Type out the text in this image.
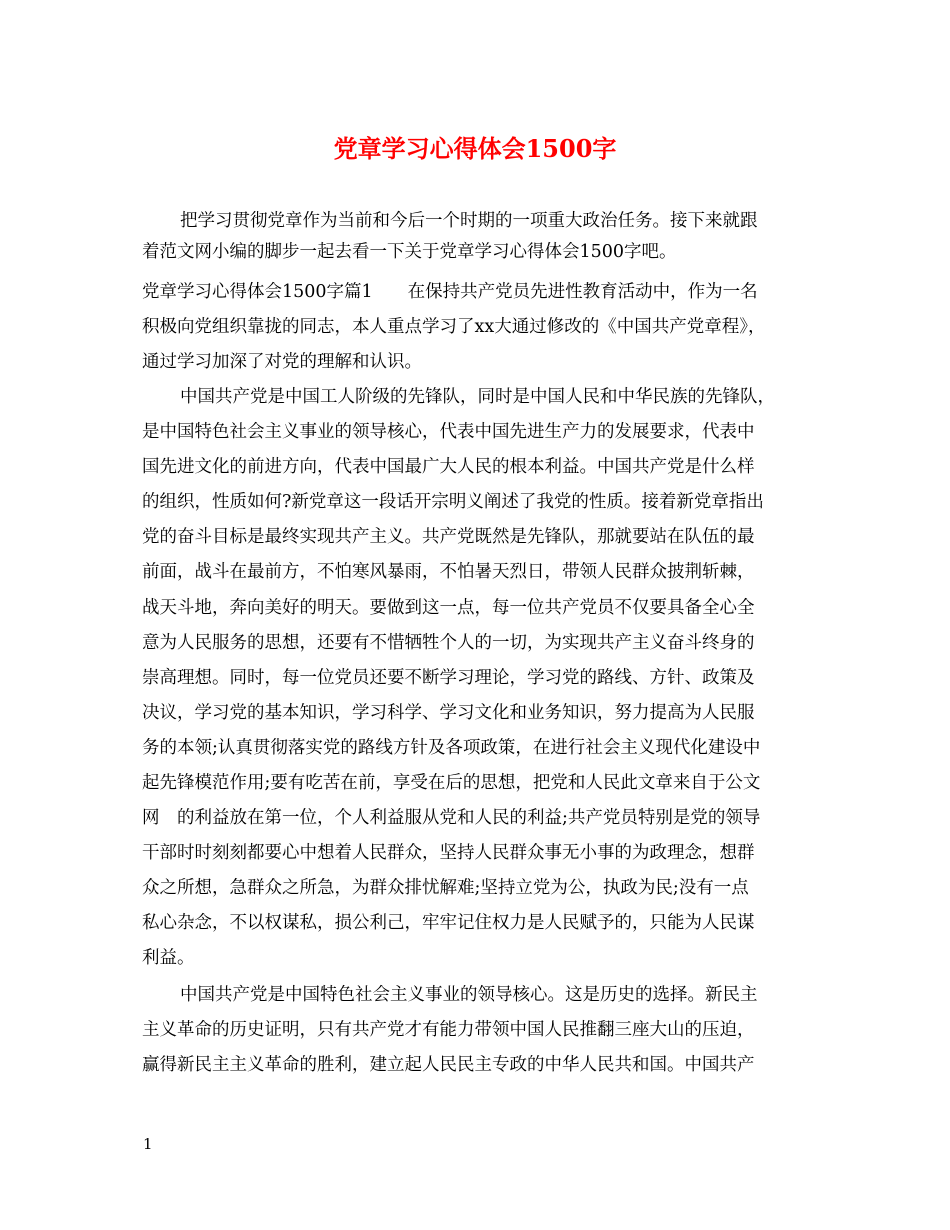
党章学习心得体会1500字

把学习贯彻党章作为当前和今后一个时期的一项重大政治任务。接下来就跟

着范文网小编的脚步一起去看一下关于党章学习心得体会1500字吧。

党章学习心得体会1500字篇1　　在保持共产党员先进性教育活动中，作为一名

积极向党组织靠拢的同志，本人重点学习了xx大通过修改的《中国共产党章程》，

通过学习加深了对党的理解和认识。

中国共产党是中国工人阶级的先锋队，同时是中国人民和中华民族的先锋队，

是中国特色社会主义事业的领导核心，代表中国先进生产力的发展要求，代表中

国先进文化的前进方向，代表中国最广大人民的根本利益。中国共产党是什么样

的组织，性质如何?新党章这一段话开宗明义阐述了我党的性质。接着新党章指出

党的奋斗目标是最终实现共产主义。共产党既然是先锋队，那就要站在队伍的最

前面，战斗在最前方，不怕寒风暴雨，不怕暑天烈日，带领人民群众披荆斩棘，

战天斗地，奔向美好的明天。要做到这一点，每一位共产党员不仅要具备全心全

意为人民服务的思想，还要有不惜牺牲个人的一切，为实现共产主义奋斗终身的

崇高理想。同时，每一位党员还要不断学习理论，学习党的路线、方针、政策及

决议，学习党的基本知识，学习科学、学习文化和业务知识，努力提高为人民服

务的本领;认真贯彻落实党的路线方针及各项政策，在进行社会主义现代化建设中

起先锋模范作用;要有吃苦在前，享受在后的思想，把党和人民此文章来自于公文

网　的利益放在第一位，个人利益服从党和人民的利益;共产党员特别是党的领导

干部时时刻刻都要心中想着人民群众，坚持人民群众事无小事的为政理念，想群

众之所想，急群众之所急，为群众排忧解难;坚持立党为公，执政为民;没有一点

私心杂念，不以权谋私，损公利己，牢牢记住权力是人民赋予的，只能为人民谋

利益。

中国共产党是中国特色社会主义事业的领导核心。这是历史的选择。新民主

主义革命的历史证明，只有共产党才有能力带领中国人民推翻三座大山的压迫，

赢得新民主主义革命的胜利，建立起人民民主专政的中华人民共和国。中国共产

1
